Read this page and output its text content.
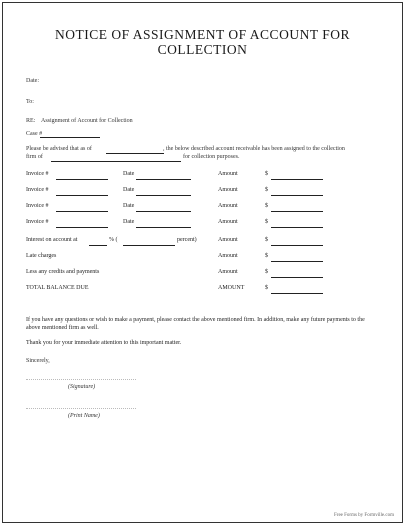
NOTICE OF ASSIGNMENT OF ACCOUNT FOR
COLLECTION
Date:
To:
RE: Assignment of Account for Collection
Case #
Please be advised that as of	, the below described account receivable has been assigned to the collection
firm of	for collection purposes.
Invoice #	Date	Amount	$
Invoice #	Date	Amount	$
Invoice #	Date	Amount	$
Invoice #	Date	Amount	$
Interest on account at	% (	percent)	Amount	$
Late charges	Amount	$
Less any credits and payments	Amount	$
TOTAL BALANCE DUE	AMOUNT	$
If you have any questions or wish to make a payment, please contact the above mentioned firm. In addition, make any future payments to the above mentioned firm as well.
Thank you for your immediate attention to this important matter.
Sincerely,
(Signature)
(Print Name)
Free Forms by Formville.com
